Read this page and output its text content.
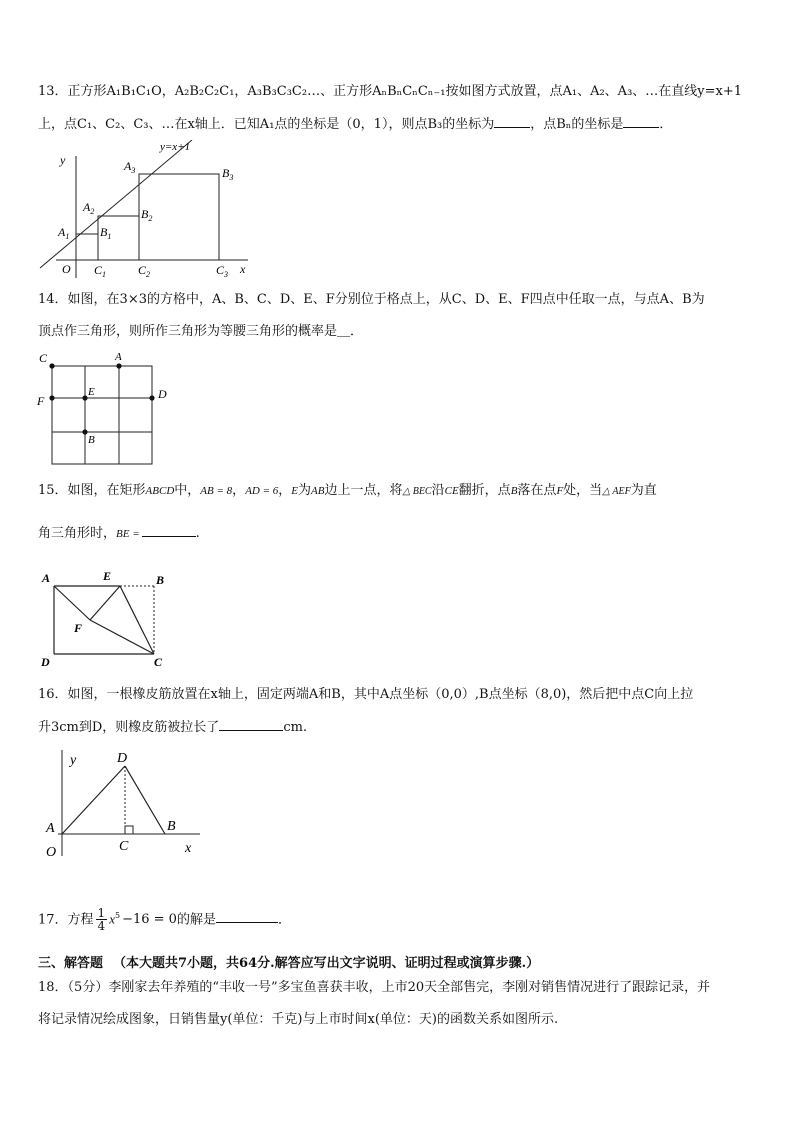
13．正方形A₁B₁C₁O，A₂B₂C₂C₁，A₃B₃C₃C₂…、正方形AₙBₙCₙCₙ₋₁按如图方式放置，点A₁、A₂、A₃、…在直线y=x+1
上，点C₁、C₂、C₃、…在x轴上．已知A₁点的坐标是（0，1），则点B₃的坐标为	，点Bₙ的坐标是	．
y=x+1
y
x
O
$A_1$
$A_2$
$A_3$
$B_1$
$B_2$
$B_3$
$C_1$	$C_2$	$C_3$
14．如图，在3×3的方格中，A、B、C、D、E、F分别位于格点上，从C、D、E、F四点中任取一点，与点A、B为
顶点作三角形，则所作三角形为等腰三角形的概率是＿．
C	A
F
E	D
B
15．如图，在矩形ABCD中，AB = 8，AD = 6，E为AB边上一点，将△ BEC沿CE翻折，点B落在点F处，当△ AEF为直
角三角形时，BE =	.
A	E	B
F
D	C
16．如图，一根橡皮筋放置在x轴上，固定两端A和B，其中A点坐标（0,0）,B点坐标（8,0)，然后把中点C向上拉
升3cm到D，则橡皮筋被拉长了	cm.
y
x
D
A	B
O	C
17．方程 $\frac{1}{4} x^5 -16 = 0$的解是	．
三、解答题 （本大题共7小题，共64分.解答应写出文字说明、证明过程或演算步骤.）
18．（5分）李刚家去年养殖的“丰收一号”多宝鱼喜获丰收，上市20天全部售完，李刚对销售情况进行了跟踪记录，并
将记录情况绘成图象，日销售量y(单位：千克)与上市时间x(单位：天)的函数关系如图所示.
